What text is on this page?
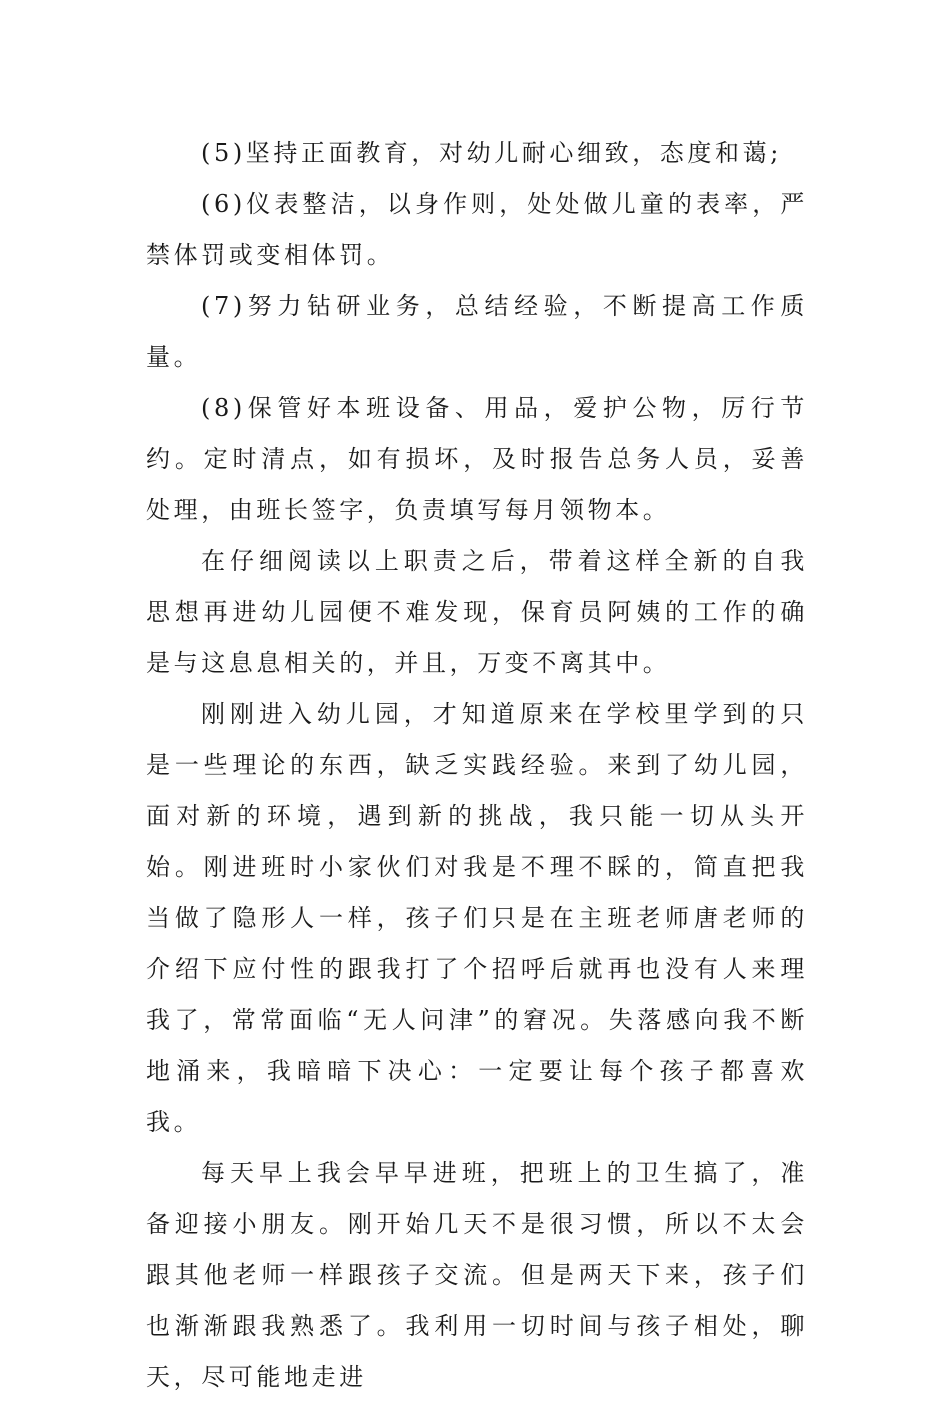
(5)坚持正面教育，对幼儿耐心细致，态度和蔼;

(6)仪表整洁，以身作则，处处做儿童的表率，严禁体罚或变相体罚。

(7)努力钻研业务，总结经验，不断提高工作质量。

(8)保管好本班设备、用品，爱护公物，厉行节约。定时清点，如有损坏，及时报告总务人员，妥善处理，由班长签字，负责填写每月领物本。

在仔细阅读以上职责之后，带着这样全新的自我思想再进幼儿园便不难发现，保育员阿姨的工作的确是与这息息相关的，并且，万变不离其中。

刚刚进入幼儿园，才知道原来在学校里学到的只是一些理论的东西，缺乏实践经验。来到了幼儿园，面对新的环境，遇到新的挑战，我只能一切从头开始。刚进班时小家伙们对我是不理不睬的，简直把我当做了隐形人一样，孩子们只是在主班老师唐老师的介绍下应付性的跟我打了个招呼后就再也没有人来理我了，常常面临“无人问津”的窘况。失落感向我不断地涌来，我暗暗下决心：一定要让每个孩子都喜欢我。

每天早上我会早早进班，把班上的卫生搞了，准备迎接小朋友。刚开始几天不是很习惯，所以不太会跟其他老师一样跟孩子交流。但是两天下来，孩子们也渐渐跟我熟悉了。我利用一切时间与孩子相处，聊天，尽可能地走进
